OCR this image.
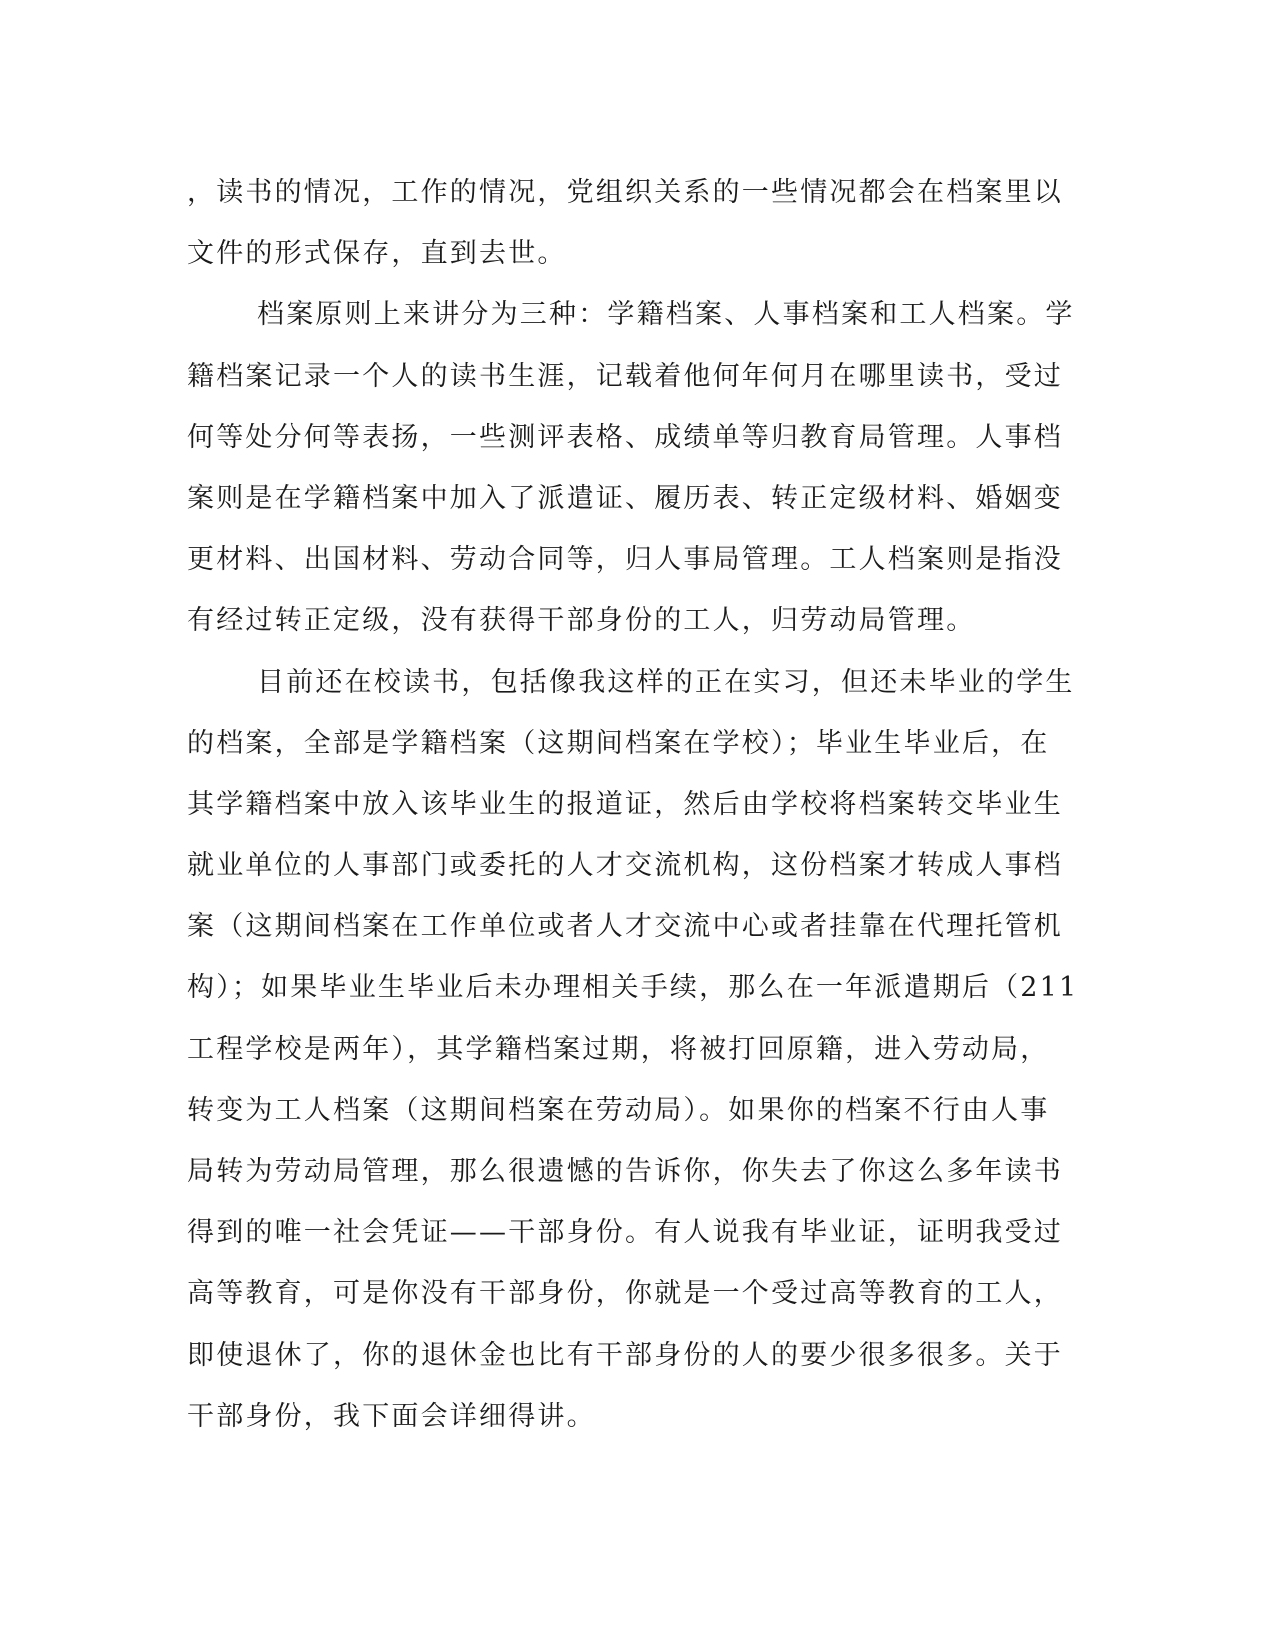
，读书的情况，工作的情况，党组织关系的一些情况都会在档案里以
文件的形式保存，直到去世。
档案原则上来讲分为三种：学籍档案、人事档案和工人档案。学
籍档案记录一个人的读书生涯，记载着他何年何月在哪里读书，受过
何等处分何等表扬，一些测评表格、成绩单等归教育局管理。人事档
案则是在学籍档案中加入了派遣证、履历表、转正定级材料、婚姻变
更材料、出国材料、劳动合同等，归人事局管理。工人档案则是指没
有经过转正定级，没有获得干部身份的工人，归劳动局管理。
目前还在校读书，包括像我这样的正在实习，但还未毕业的学生
的档案，全部是学籍档案（这期间档案在学校）；毕业生毕业后，在
其学籍档案中放入该毕业生的报道证，然后由学校将档案转交毕业生
就业单位的人事部门或委托的人才交流机构，这份档案才转成人事档
案（这期间档案在工作单位或者人才交流中心或者挂靠在代理托管机
构）；如果毕业生毕业后未办理相关手续，那么在一年派遣期后（211
工程学校是两年），其学籍档案过期，将被打回原籍，进入劳动局，
转变为工人档案（这期间档案在劳动局）。如果你的档案不行由人事
局转为劳动局管理，那么很遗憾的告诉你，你失去了你这么多年读书
得到的唯一社会凭证——干部身份。有人说我有毕业证，证明我受过
高等教育，可是你没有干部身份，你就是一个受过高等教育的工人，
即使退休了，你的退休金也比有干部身份的人的要少很多很多。关于
干部身份，我下面会详细得讲。
